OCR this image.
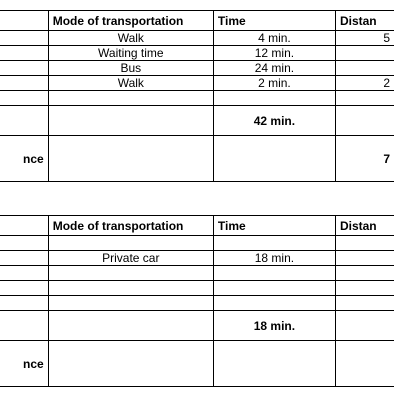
	Mode of transportation	Time	Distan
	Walk	4 min.	5
	Waiting time	12 min.	
	Bus	24 min.	
	Walk	2 min.	2

		42 min.	
nce			7
	Mode of transportation	Time	Distan

	Private car	18 min.	

		18 min.	
nce			
